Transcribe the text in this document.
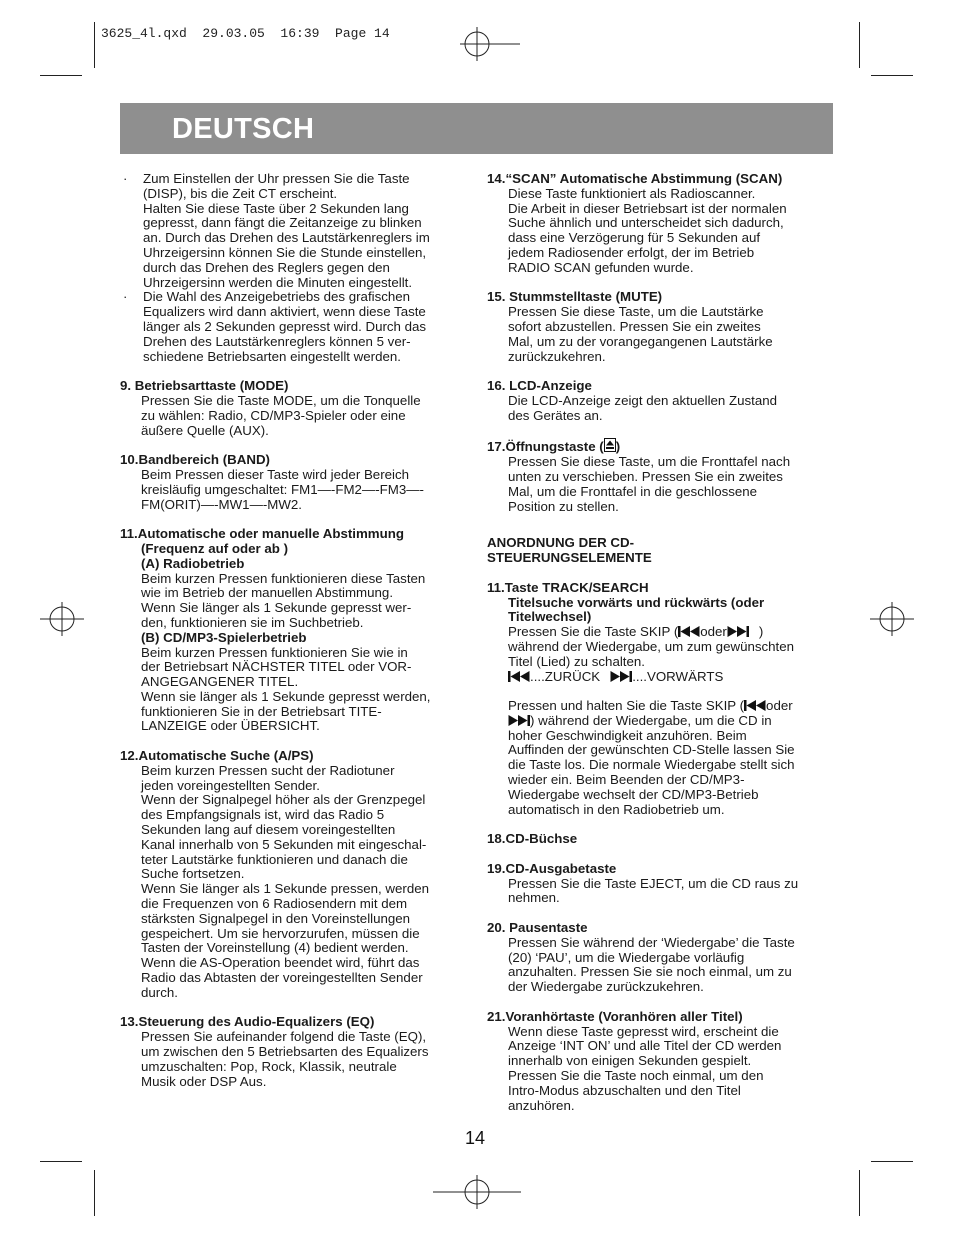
3625_4l.qxd  29.03.05  16:39  Page 14
DEUTSCH
· Zum Einstellen der Uhr pressen Sie die Taste
(DISP), bis die Zeit CT erscheint.
Halten Sie diese Taste über 2 Sekunden lang
gepresst, dann fängt die Zeitanzeige zu blinken
an. Durch das Drehen des Lautstärkenreglers im
Uhrzeigersinn können Sie die Stunde einstellen,
durch das Drehen des Reglers gegen den
Uhrzeigersinn werden die Minuten eingestellt.
· Die Wahl des Anzeigebetriebs des grafischen
Equalizers wird dann aktiviert, wenn diese Taste
länger als 2 Sekunden gepresst wird. Durch das
Drehen des Lautstärkenreglers können 5 ver-
schiedene Betriebsarten eingestellt werden.
9. Betriebsarttaste (MODE)
Pressen Sie die Taste MODE, um die Tonquelle
zu wählen: Radio, CD/MP3-Spieler oder eine
äußere Quelle (AUX).
10.Bandbereich (BAND)
Beim Pressen dieser Taste wird jeder Bereich
kreisläufig umgeschaltet: FM1—-FM2—-FM3—-
FM(ORIT)—-MW1—-MW2.
11.Automatische oder manuelle Abstimmung
(Frequenz auf oder ab )
(A) Radiobetrieb
Beim kurzen Pressen funktionieren diese Tasten
wie im Betrieb der manuellen Abstimmung.
Wenn Sie länger als 1 Sekunde gepresst wer-
den, funktionieren sie im Suchbetrieb.
(B) CD/MP3-Spielerbetrieb
Beim kurzen Pressen funktionieren Sie wie in
der Betriebsart NÄCHSTER TITEL oder VOR-
ANGEGANGENER TITEL.
Wenn sie länger als 1 Sekunde gepresst werden,
funktionieren Sie in der Betriebsart TITE-
LANZEIGE oder ÜBERSICHT.
12.Automatische Suche (A/PS)
Beim kurzen Pressen sucht der Radiotuner
jeden voreingestellten Sender.
Wenn der Signalpegel höher als der Grenzpegel
des Empfangsignals ist, wird das Radio 5
Sekunden lang auf diesem voreingestellten
Kanal innerhalb von 5 Sekunden mit eingeschal-
teter Lautstärke funktionieren und danach die
Suche fortsetzen.
Wenn Sie länger als 1 Sekunde pressen, werden
die Frequenzen von 6 Radiosendern mit dem
stärksten Signalpegel in den Voreinstellungen
gespeichert. Um sie hervorzurufen, müssen die
Tasten der Voreinstellung (4) bedient werden.
Wenn die AS-Operation beendet wird, führt das
Radio das Abtasten der voreingestellten Sender
durch.
13.Steuerung des Audio-Equalizers (EQ)
Pressen Sie aufeinander folgend die Taste (EQ),
um zwischen den 5 Betriebsarten des Equalizers
umzuschalten: Pop, Rock, Klassik, neutrale
Musik oder DSP Aus.
14.“SCAN” Automatische Abstimmung (SCAN)
Diese Taste funktioniert als Radioscanner.
Die Arbeit in dieser Betriebsart ist der normalen
Suche ähnlich und unterscheidet sich dadurch,
dass eine Verzögerung für 5 Sekunden auf
jedem Radiosender erfolgt, der im Betrieb
RADIO SCAN gefunden wurde.
15. Stummstelltaste (MUTE)
Pressen Sie diese Taste, um die Lautstärke
sofort abzustellen. Pressen Sie ein zweites
Mal, um zu der vorangegangenen Lautstärke
zurückzukehren.
16. LCD-Anzeige
Die LCD-Anzeige zeigt den aktuellen Zustand
des Gerätes an.
17.Öffnungstaste ( )
Pressen Sie diese Taste, um die Fronttafel nach
unten zu verschieben. Pressen Sie ein zweites
Mal, um die Fronttafel in die geschlossene
Position zu stellen.
ANORDNUNG DER CD-
STEUERUNGSELEMENTE
11.Taste TRACK/SEARCH
Titelsuche vorwärts und rückwärts (oder
Titelwechsel)
Pressen Sie die Taste SKIP ( oder )
während der Wiedergabe, um zum gewünschten
Titel (Lied) zu schalten.
....ZURÜCK ....VORWÄRTS
Pressen und halten Sie die Taste SKIP ( oder
) während der Wiedergabe, um die CD in
hoher Geschwindigkeit anzuhören. Beim
Auffinden der gewünschten CD-Stelle lassen Sie
die Taste los. Die normale Wiedergabe stellt sich
wieder ein. Beim Beenden der CD/MP3-
Wiedergabe wechselt der CD/MP3-Betrieb
automatisch in den Radiobetrieb um.
18.CD-Büchse
19.CD-Ausgabetaste
Pressen Sie die Taste EJECT, um die CD raus zu
nehmen.
20. Pausentaste
Pressen Sie während der ‘Wiedergabe’ die Taste
(20) ‘PAU’, um die Wiedergabe vorläufig
anzuhalten. Pressen Sie sie noch einmal, um zu
der Wiedergabe zurückzukehren.
21.Voranhörtaste (Voranhören aller Titel)
Wenn diese Taste gepresst wird, erscheint die
Anzeige ‘INT ON’ und alle Titel der CD werden
innerhalb von einigen Sekunden gespielt.
Pressen Sie die Taste noch einmal, um den
Intro-Modus abzuschalten und den Titel
anzuhören.
14
